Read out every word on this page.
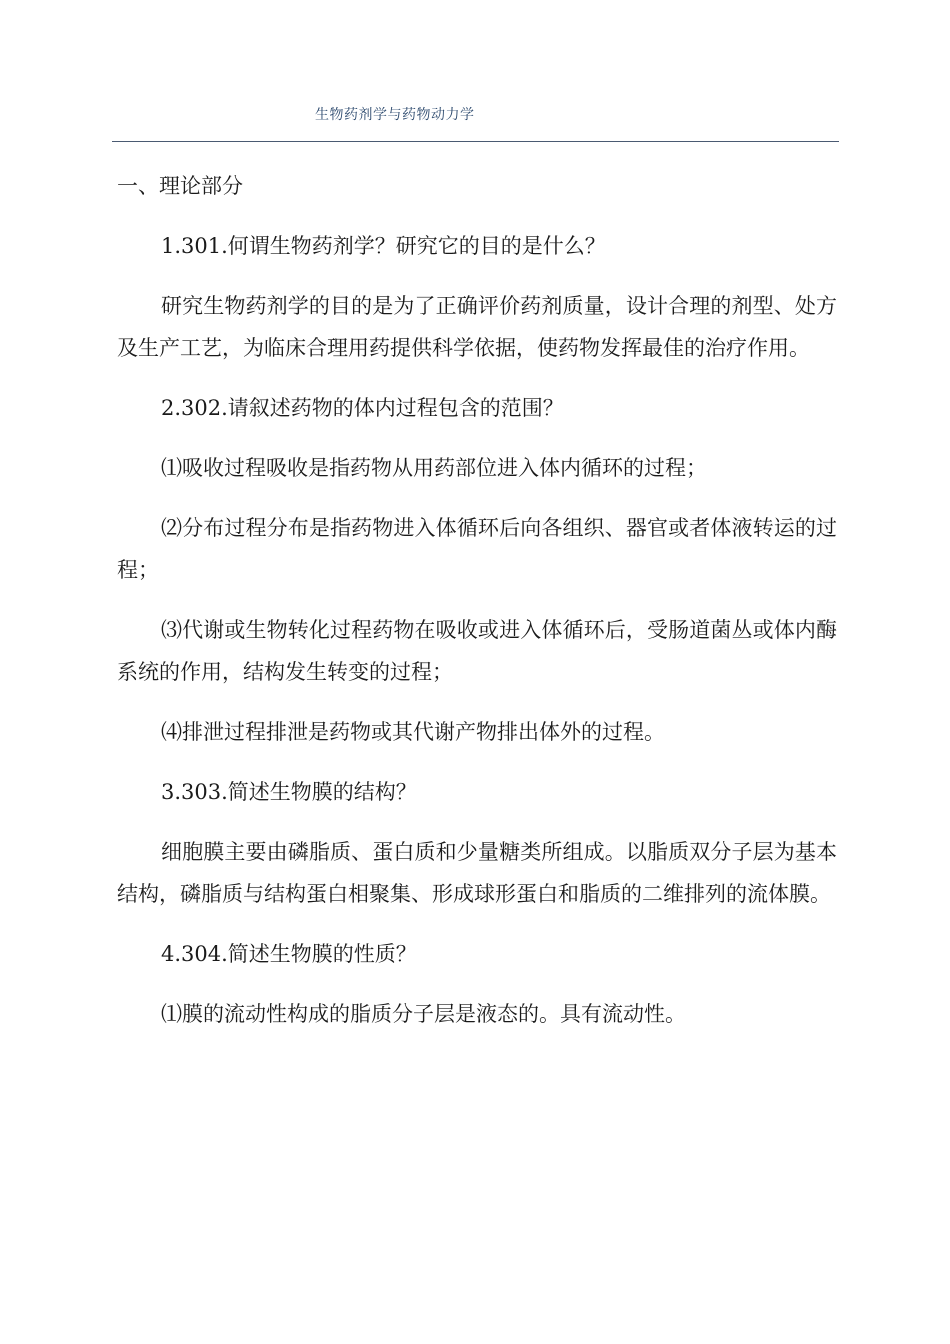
生物药剂学与药物动力学
一、理论部分

1.301.何谓生物药剂学？研究它的目的是什么？

研究生物药剂学的目的是为了正确评价药剂质量，设计合理的剂型、处方及生产工艺，为临床合理用药提供科学依据，使药物发挥最佳的治疗作用。

2.302.请叙述药物的体内过程包含的范围？

⑴吸收过程吸收是指药物从用药部位进入体内循环的过程；

⑵分布过程分布是指药物进入体循环后向各组织、器官或者体液转运的过程；

⑶代谢或生物转化过程药物在吸收或进入体循环后，受肠道菌丛或体内酶系统的作用，结构发生转变的过程；

⑷排泄过程排泄是药物或其代谢产物排出体外的过程。

3.303.简述生物膜的结构？

细胞膜主要由磷脂质、蛋白质和少量糖类所组成。以脂质双分子层为基本结构，磷脂质与结构蛋白相聚集、形成球形蛋白和脂质的二维排列的流体膜。

4.304.简述生物膜的性质？

⑴膜的流动性构成的脂质分子层是液态的。具有流动性。
